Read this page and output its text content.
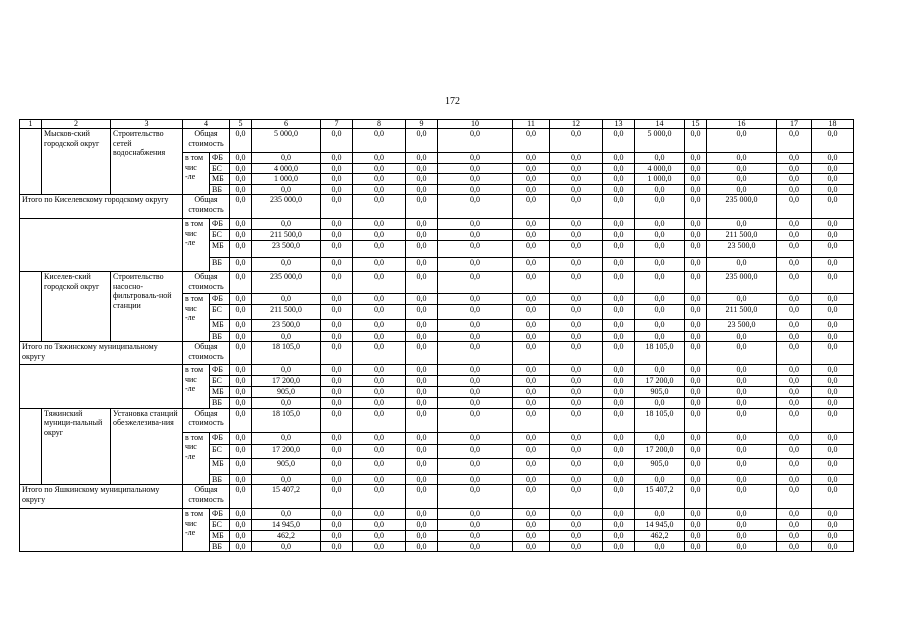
172
1	2	3	4		5	6	7	8	9	10	11	12	13	14	15	16	17	18
	Мысков-ский городской округ	Строительство сетей водоснабжения	Общая стоимость		0,0	5 000,0	0,0	0,0	0,0	0,0	0,0	0,0	0,0	5 000,0	0,0	0,0	0,0	0,0
			в том чис -ле	ФБ	0,0	0,0	0,0	0,0	0,0	0,0	0,0	0,0	0,0	0,0	0,0	0,0	0,0	0,0
				БС	0,0	4 000,0	0,0	0,0	0,0	0,0	0,0	0,0	0,0	4 000,0	0,0	0,0	0,0	0,0
				МБ	0,0	1 000,0	0,0	0,0	0,0	0,0	0,0	0,0	0,0	1 000,0	0,0	0,0	0,0	0,0
				ВБ	0,0	0,0	0,0	0,0	0,0	0,0	0,0	0,0	0,0	0,0	0,0	0,0	0,0	0,0
Итого по Киселевскому городскому округу			Общая стоимость		0,0	235 000,0	0,0	0,0	0,0	0,0	0,0	0,0	0,0	0,0	0,0	235 000,0	0,0	0,0
			в том чис -ле	ФБ	0,0	0,0	0,0	0,0	0,0	0,0	0,0	0,0	0,0	0,0	0,0	0,0	0,0	0,0
				БС	0,0	211 500,0	0,0	0,0	0,0	0,0	0,0	0,0	0,0	0,0	0,0	211 500,0	0,0	0,0
				МБ	0,0	23 500,0	0,0	0,0	0,0	0,0	0,0	0,0	0,0	0,0	0,0	23 500,0	0,0	0,0
				ВБ	0,0	0,0	0,0	0,0	0,0	0,0	0,0	0,0	0,0	0,0	0,0	0,0	0,0	0,0
	Киселев-ский городской округ	Строительство насосно-фильтроваль-ной станции	Общая стоимость		0,0	235 000,0	0,0	0,0	0,0	0,0	0,0	0,0	0,0	0,0	0,0	235 000,0	0,0	0,0
			в том чис -ле	ФБ	0,0	0,0	0,0	0,0	0,0	0,0	0,0	0,0	0,0	0,0	0,0	0,0	0,0	0,0
				БС	0,0	211 500,0	0,0	0,0	0,0	0,0	0,0	0,0	0,0	0,0	0,0	211 500,0	0,0	0,0
				МБ	0,0	23 500,0	0,0	0,0	0,0	0,0	0,0	0,0	0,0	0,0	0,0	23 500,0	0,0	0,0
				ВБ	0,0	0,0	0,0	0,0	0,0	0,0	0,0	0,0	0,0	0,0	0,0	0,0	0,0	0,0
Итого по Тяжинскому муниципальному округу			Общая стоимость		0,0	18 105,0	0,0	0,0	0,0	0,0	0,0	0,0	0,0	18 105,0	0,0	0,0	0,0	0,0
			в том чис -ле	ФБ	0,0	0,0	0,0	0,0	0,0	0,0	0,0	0,0	0,0	0,0	0,0	0,0	0,0	0,0
				БС	0,0	17 200,0	0,0	0,0	0,0	0,0	0,0	0,0	0,0	17 200,0	0,0	0,0	0,0	0,0
				МБ	0,0	905,0	0,0	0,0	0,0	0,0	0,0	0,0	0,0	905,0	0,0	0,0	0,0	0,0
				ВБ	0,0	0,0	0,0	0,0	0,0	0,0	0,0	0,0	0,0	0,0	0,0	0,0	0,0	0,0
	Тяжинский муници-пальный округ	Установка станций обезжелезива-ния	Общая стоимость		0,0	18 105,0	0,0	0,0	0,0	0,0	0,0	0,0	0,0	18 105,0	0,0	0,0	0,0	0,0
			в том чис -ле	ФБ	0,0	0,0	0,0	0,0	0,0	0,0	0,0	0,0	0,0	0,0	0,0	0,0	0,0	0,0
				БС	0,0	17 200,0	0,0	0,0	0,0	0,0	0,0	0,0	0,0	17 200,0	0,0	0,0	0,0	0,0
				МБ	0,0	905,0	0,0	0,0	0,0	0,0	0,0	0,0	0,0	905,0	0,0	0,0	0,0	0,0
				ВБ	0,0	0,0	0,0	0,0	0,0	0,0	0,0	0,0	0,0	0,0	0,0	0,0	0,0	0,0
Итого по Яшкинскому муниципальному округу			Общая стоимость		0,0	15 407,2	0,0	0,0	0,0	0,0	0,0	0,0	0,0	15 407,2	0,0	0,0	0,0	0,0
			в том чис -ле	ФБ	0,0	0,0	0,0	0,0	0,0	0,0	0,0	0,0	0,0	0,0	0,0	0,0	0,0	0,0
				БС	0,0	14 945,0	0,0	0,0	0,0	0,0	0,0	0,0	0,0	14 945,0	0,0	0,0	0,0	0,0
				МБ	0,0	462,2	0,0	0,0	0,0	0,0	0,0	0,0	0,0	462,2	0,0	0,0	0,0	0,0
				ВБ	0,0	0,0	0,0	0,0	0,0	0,0	0,0	0,0	0,0	0,0	0,0	0,0	0,0	0,0
